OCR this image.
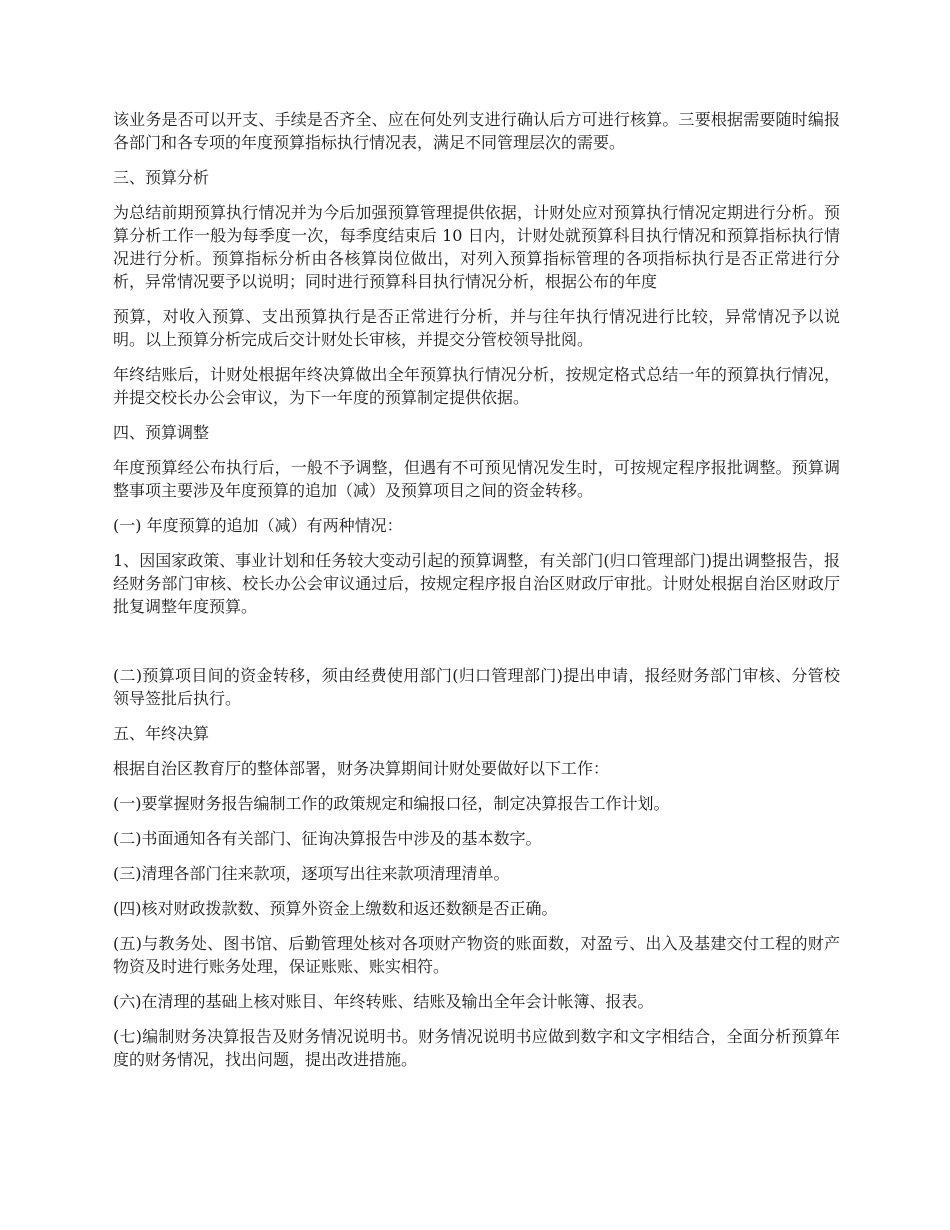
该业务是否可以开支、手续是否齐全、应在何处列支进行确认后方可进行核算。三要根据需要随时编报各部门和各专项的年度预算指标执行情况表，满足不同管理层次的需要。

三、预算分析

为总结前期预算执行情况并为今后加强预算管理提供依据，计财处应对预算执行情况定期进行分析。预算分析工作一般为每季度一次，每季度结束后 10 日内，计财处就预算科目执行情况和预算指标执行情况进行分析。预算指标分析由各核算岗位做出，对列入预算指标管理的各项指标执行是否正常进行分析，异常情况要予以说明；同时进行预算科目执行情况分析，根据公布的年度

预算，对收入预算、支出预算执行是否正常进行分析，并与往年执行情况进行比较，异常情况予以说明。以上预算分析完成后交计财处长审核，并提交分管校领导批阅。

年终结账后，计财处根据年终决算做出全年预算执行情况分析，按规定格式总结一年的预算执行情况，并提交校长办公会审议，为下一年度的预算制定提供依据。

四、预算调整

年度预算经公布执行后，一般不予调整，但遇有不可预见情况发生时，可按规定程序报批调整。预算调整事项主要涉及年度预算的追加（减）及预算项目之间的资金转移。

(一) 年度预算的追加（减）有两种情况：

1、因国家政策、事业计划和任务较大变动引起的预算调整，有关部门(归口管理部门)提出调整报告，报经财务部门审核、校长办公会审议通过后，按规定程序报自治区财政厅审批。计财处根据自治区财政厅批复调整年度预算。

(二)预算项目间的资金转移，须由经费使用部门(归口管理部门)提出申请，报经财务部门审核、分管校领导签批后执行。

五、年终决算

根据自治区教育厅的整体部署，财务决算期间计财处要做好以下工作：

(一)要掌握财务报告编制工作的政策规定和编报口径，制定决算报告工作计划。

(二)书面通知各有关部门、征询决算报告中涉及的基本数字。

(三)清理各部门往来款项，逐项写出往来款项清理清单。

(四)核对财政拨款数、预算外资金上缴数和返还数额是否正确。

(五)与教务处、图书馆、后勤管理处核对各项财产物资的账面数，对盈亏、出入及基建交付工程的财产物资及时进行账务处理，保证账账、账实相符。

(六)在清理的基础上核对账目、年终转账、结账及输出全年会计帐簿、报表。

(七)编制财务决算报告及财务情况说明书。财务情况说明书应做到数字和文字相结合，全面分析预算年度的财务情况，找出问题，提出改进措施。
